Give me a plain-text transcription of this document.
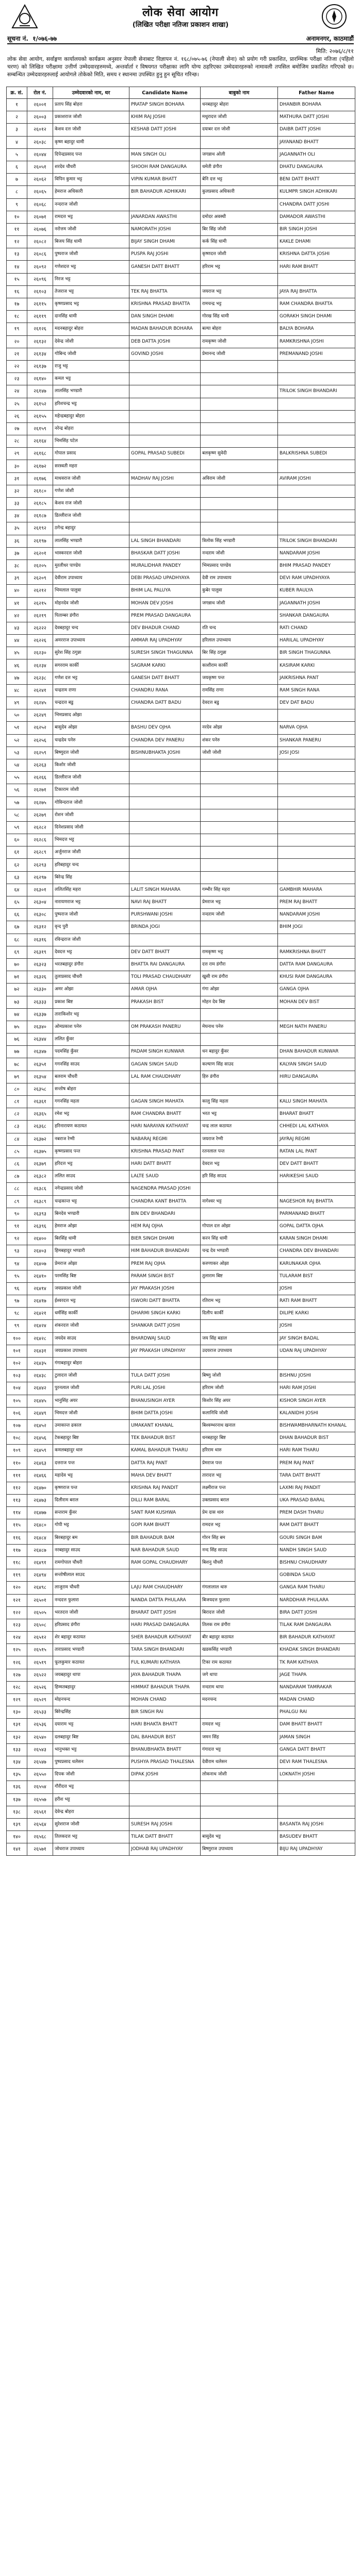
लोक सेवा आयोग
(लिखित परीक्षा नतिजा प्रकाशन शाखा)
सूचना नं. १/०७६-७७	अनामनगर, काठमाडौं
मिति: २०७६/८/११
लोक सेवा आयोग, सर्वाङ्गण कार्यालयको कार्यक्रम अनुसार नेपाली सेनाबाट विज्ञापन नं. १६८/०७५-७६ (नेपाली सेना) को प्रयोग गरी प्रकाशित, प्रारम्भिक परीक्षा नतिजा (पहिलो चरण) को लिखित परीक्षामा उत्तीर्ण उम्मेदवारहरुमध्ये, अन्तर्वार्ता र विषयगत परीक्षाका लागि योग्य ठहरिएका उम्मेदवारहरुको नामावली तपसिल बमोजिम प्रकाशित गरिएको छ। सम्बन्धित उम्मेदवारहरुलाई आयोगले तोकेको मिति, समय र स्थानमा उपस्थित हुनु हुन सूचित गरिन्छ।
क्र. सं.	रोल नं.	उम्मेदवारको नाम, थर	Candidate Name	बाबुको नाम	Father Name
१	२६००१	प्रताप सिंह बोहरा	PRATAP SINGH BOHARA	धनबहादुर बोहरा	DHANBIR BOHARA
२	२६००३	प्रकाशराज जोशी	KHIM RAJ JOSHI	मथुरादत्त जोशी	MATHURA DATT JOSHI
३	२६०१२	केशव दत्त जोशी	KESHAB DATT JOSHI	दयाबर दत्त जोशी	DAIBR DATT JOSHI
४	२६०३८	कृष्ण बहादुर धामी			JAYANAND BHATT
५	२६०४४	दिपेन्द्रप्रसाद पन्त	MAN SINGH OLI	जगन्नाथ ओली	JAGANNATH OLI
६	२६०५१	शरदेव चौधरी	SHOOH RAM DANGAURA	धमेती डंगौरा	DHATU DANGAURA
७	२६०६२	विपिन कुमार भट्ट	VIPIN KUMAR BHATT	बेनि दत्त भट्ट	BENI DATT BHATT
८	२६०६५	हेमराज अधिकारी	BIR BAHADUR ADHIKARI	कुलप्रसाद अधिकारी	KULMPR SINGH ADHIKARI
९	२६०६८	नन्दराज जोशी			CHANDRA DATT JOSHI
१०	२६०७१	रामदत्त भट्ट	JANARDAN AWASTHI	दमोदर अवस्थी	DAMADOR AWASTHI
११	२६०७६	नरोत्तम जोशी	NAMORATH JOSHI	बिर सिंह जोशी	BIR SINGH JOSHI
१२	२६०८२	बिजय सिंह धामी	BIJAY SINGH DHAMI	कर्क सिंह धामी	KAKLE DHAMI
१३	२६०८६	पुष्पराज जोशी	PUSPA RAJ JOSHI	कृष्णदत्त जोशी	KRISHNA DATTA JOSHI
१४	२६०९२	गणेशदत्त भट्ट	GANESH DATT BHATT	हरिराम भट्ट	HARI RAM BHATT
१५	२६०९६	निरज भट्ट			
१६	२६१०३	तेजराज भट्ट	TEK RAJ BHATTA	जयराज भट्ट	JAYA RAJ BHATTA
१७	२६११५	कृष्णप्रसाद भट्ट	KRISHNA PRASAD BHATTA	रामचन्द्र भट्ट	RAM CHANDRA BHATTA
१८	२६११९	दानसिंह धामी	DAN SINGH DHAMI	गोरख सिंह धामी	GORAKH SINGH DHAMI
१९	२६१२६	मदनबहादुर बोहरा	MADAN BAHADUR BOHARA	बल्या बोहरा	BALYA BOHARA
२०	२६१३२	देवेन्द्र जोशी	DEB DATTA JOSHI	रामकृष्ण जोशी	RAMKRISHNA JOSHI
२१	२६१३४	गोबिन्द जोशी	GOVIND JOSHI	प्रेमानन्द जोशी	PREMANAND JOSHI
२२	२६१३७	राजु भट्ट			
२३	२६१४०	कमल भट्ट			
२४	२६१४७	लालसिंह भण्डारी			TRILOK SINGH BHANDARI
२५	२६१५२	हरिशचन्द्र भट्ट			
२६	२६१५५	महेन्द्रबहादुर बोहरा			
२७	२६१५९	नरेन्द्र बोहरा			
२८	२६१६४	भिमसिंह पटेल			
२९	२६१६८	गोपाल प्रसाद	GOPAL PRASAD SUBEDI	बलकृष्ण सुवेदी	BALKRISHNA SUBEDI
३०	२६१७२	सरस्वती महरा			
३१	२६१७६	माधवराज जोशी	MADHAV RAJ JOSHI	अविराम जोशी	AVIRAM JOSHI
३२	२६१८०	गणेश जोशी			
३३	२६१८५	केशव राज जोशी			
३४	२६१८७	डिल्लीराज जोशी			
३५	२६१९२	ठगेन्द्र बहादुर			
३६	२६१९७	लालसिंह भण्डारी	LAL SINGH BHANDARI	त्रिलोक सिंह भण्डारी	TRILOK SINGH BHANDARI
३७	२६२०१	भास्करदत्त जोशी	BHASKAR DATT JOSHI	नन्दराम जोशी	NANDARAM JOSHI
३८	२६२०५	मुरलीधर पाण्डेय	MURALIDHAR PANDEY	भिमप्रसाद पाण्डेय	BHIM PRASAD PANDEY
३९	२६२०९	देवीराम उपाध्याय	DEBI PRASAD UPADHYAYA	देवी राम उपाध्याय	DEVI RAM UPADHYAYA
४०	२६२१२	भिमलाल पालुवा	BHIM LAL PALUYA	कुबेर पालुवा	KUBER RAULYA
४१	२६२१५	मोहनदेव जोशी	MOHAN DEV JOSHI	जगन्नाथ जोशी	JAGANNATH JOSHI
४२	२६२१९	पिताम्बर डंगौरा	PREM PRASAD DANGAURA		SHANKAR DANGAURA
४३	२६२२२	देवबहादुर चन्द	DEV BHADUR CHAND	रति चन्द	RATI CHAND
४४	२६२२६	अमरराज उपाध्याय	AMMAR RAJ UPADHYAY	हरिलाल उपाध्याय	HARILAL UPADHYAY
४५	२६२३०	सुरेश सिंह ठगुन्ना	SURESH SINGH THAGUNNA	बिर सिंह ठगुन्ना	BIR SINGH THAGUNNA
४६	२६२३४	सगरराम कार्की	SAGRAM KARKI	काशीराम कार्की	KASIRAM KARKI
४७	२६२३८	गणेश दत्त भट्ट	GANESH DATT BHATT	जयकृष्ण पन्त	JAIKRISHNA PANT
४८	२६२४१	चन्द्रराम राणा	CHANDRU RANA	रामसिंह राणा	RAM SINGH RANA
४९	२६२४५	चन्द्रदत्त बडु	CHANDRA DATT BADU	देवदत्त बडु	DEV DAT BADU
५०	२६२४९	भिमप्रसाद ओझा			
५१	२६२५२	बासुदेव ओझा	BASHU DEV OJHA	नरदेव ओझा	NARVA OJHA
५२	२६२५६	चन्द्रदेव पनेरु	CHANDRA DEV PANERU	शंकर पनेरु	SHANKAR PANERU
५३	२६२५९	बिष्णुदत्त जोशी	BISHNUBHAKTA JOSHI	जोशी जोशी	JOSI JOSI
५४	२६२६३	किशोर जोशी			
५५	२६२६६	डिल्लीराज जोशी			
५६	२६२७१	टिकाराम जोशी			
५७	२६२७५	गोविन्दराज जोशी			
५८	२६२७९	रोशन जोशी			
५९	२६२८२	दिनेशप्रसाद जोशी			
६०	२६२८६	भिमदत्त भट्ट			
६१	२६२८९	अर्जुनराज जोशी			
६२	२६२९३	हरिबहादुर चन्द			
६३	२६२९७	बिरेन्द्र सिंह			
६४	२६३०१	ललितसिंह महरा	LALIT SINGH MAHARA	गम्भीर सिंह महरा	GAMBHIR MAHARA
६५	२६३०४	नारायणराज भट्ट	NAVI RAJ BHATT	प्रेमराज भट्ट	PREM RAJ BHATT
६६	२६३०८	पुष्पराज जोशी	PURSHWANI JOSHI	नन्दराम जोशी	NANDARAM JOSHI
६७	२६३१२	वृन्द पुरी	BRINDA JOGI		BHIM JOGI
६८	२६३१६	रविन्द्रराज जोशी			
६९	२६३१९	देवदत्त भट्ट	DEV DATT BHATT	रामकृष्ण भट्ट	RAMKRISHNA BHATT
७०	२६३२३	भरतबहादुर डंगौरा	BHATTA RAI DANGAURA	दत्त राम डंगौरा	DATTA RAM DANGAURA
७१	२६३२६	तुलाप्रसाद चौधरी	TOLI PRASAD CHAUDHARY	खुसी राम डंगौरा	KHUSI RAM DANGAURA
७२	२६३३०	अमर ओझा	AMAR OJHA	गंगा ओझा	GANGA OJHA
७३	२६३३३	प्रकाश बिष्ट	PRAKASH BIST	मोहन देव बिष्ट	MOHAN DEV BIST
७४	२६३३७	ताराकिशोर भट्ट			
७५	२६३४०	ओमप्रकाश पनेरु	OM PRAKASH PANERU	मेघनाथ पनेरु	MEGH NATH PANERU
७६	२६३४४	ललित कुँवर			
७७	२६३४७	पदमसिंह कुँवर	PADAM SINGH KUNWAR	धन बहादुर कुँवर	DHAN BAHADUR KUNWAR
७८	२६३५१	गगनसिंह साउद	GAGAN SINGH SAUD	कल्याण सिंह साउद	KALYAN SINGH SAUD
७९	२६३५४	बलराम चौधरी	LAL RAM CHAUDHARY	हिरु डंगौरा	HIRU DANGAURA
८०	२६३५८	सन्तोष बोहरा			
८१	२६३६१	गगनसिंह महता	GAGAN SINGH MAHATA	कालु सिंह महता	KALU SINGH MAHATA
८२	२६३६५	रमेश भट्ट	RAM CHANDRA BHATT	भरत भट्ट	BHARAT BHATT
८३	२६३६८	हरिनारायण कठायत	HARI NARAYAN KATHAYAT	चन्द्र लाल कठायत	CHHEDI LAL KATHAYA
८४	२६३७२	नबराज रेग्मी	NABARAJ REGMI	जयराज रेग्मी	JAYRAJ REGMI
८५	२६३७५	कृष्णप्रसाद पन्त	KRISHNA PRASAD PANT	रतनलाल पन्त	RATAN LAL PANT
८६	२६३७९	हरिदत्त भट्ट	HARI DATT BHATT	देवदत्त भट्ट	DEV DATT BHATT
८७	२६३८२	ललित साउद	LALTE SAUD	हरि सिंह साउद	HARIKESHI SAUD
८८	२६३८६	नगेन्द्रप्रसाद जोशी	NAGENDRA PRASAD JOSHI		
८९	२६३८९	चन्द्रकान्त भट्ट	CHANDRA KANT BHATTA	नागेश्वर भट्ट	NAGESHOR RAJ BHATTA
९०	२६३९३	बिनदेव भण्डारी	BIN DEV BHANDARI		PARMANAND BHATT
९१	२६३९६	हेमराज ओझा	HEM RAJ OJHA	गोपाल दत्त ओझा	GOPAL DATTA OJHA
९२	२६४००	बिरसिंह धामी	BIER SINGH DHAMI	करन सिंह धामी	KARAN SINGH DHAMI
९३	२६४०३	हिमबहादुर भण्डारी	HIM BAHADUR BHANDARI	चन्द्र देव भण्डारी	CHANDRA DEV BHANDARI
९४	२६४०७	प्रेमराज ओझा	PREM RAJ OJHA	करुणाकर ओझा	KARUNAKAR OJHA
९५	२६४१०	परमसिंह बिष्ट	PARAM SINGH BIST	तुलाराम बिष्ट	TULARAM BIST
९६	२६४१४	जयप्रकाश जोशी	JAY PRAKASH JOSHI		JOSHI
९७	२६४१७	ईश्वरदत्त भट्ट	ISWORI DATT BHATTA	रतिराम भट्ट	RATI RAM BHATT
९८	२६४२१	धर्मसिंह कार्की	DHARMI SINGH KARKI	दिलीप कार्की	DILIPE KARKI
९९	२६४२४	शंकरदत्त जोशी	SHANKAR DATT JOSHI		JOSHI
१००	२६४२८	जयदेव साउद	BHARDWAJ SAUD	जय सिंह बडाल	JAY SINGH BADAL
१०१	२६४३१	जयप्रकाश उपाध्याय	JAY PRAKASH UPADHYAY	उदयराज उपाध्याय	UDAN RAJ UPADHYAY
१०२	२६४३५	गंगाबहादुर बोहरा			
१०३	२६४३८	टुलादत्त जोशी	TULA DATT JOSHI	बिष्णु जोशी	BISHNU JOSHI
१०४	२६४४२	पुरनलाल जोशी	PURI LAL JOSHI	हरिराम जोशी	HARI RAM JOSHI
१०५	२६४४५	भानुसिंह अयर	BHANUSINGH AYER	किशोर सिंह अयर	KISHOR SINGH AYER
१०६	२६४४९	भिमदत्त जोशी	BHIM DATTA JOSHI	कलानिधि जोशी	KALANIDHI JOSHI
१०७	२६४५२	उमाकान्त ढकाल	UMAKANT KHANAL	बिश्वम्भरनाथ खनाल	BISHWAMBHARNATH KHANAL
१०८	२६४५६	टेकबहादुर बिष्ट	TEK BAHADUR BIST	धनबहादुर बिष्ट	DHAN BAHADUR BIST
१०९	२६४५९	कमलबहादुर थारु	KAMAL BAHADUR THARU	हरिराम थारु	HARI RAM THARU
११०	२६४६३	दत्तराज पन्त	DATTA RAJ PANT	प्रेमराज पन्त	PREM RAJ PANT
१११	२६४६६	महादेव भट्ट	MAHA DEV BHATT	तारादत्त भट्ट	TARA DATT BHATT
११२	२६४७०	कृष्णराज पन्त	KRISHNA RAJ PANDIT	लक्ष्मीराज पन्त	LAXMI RAJ PANDIT
११३	२६४७३	दिलीराम बराल	DILLI RAM BARAL	उक्तप्रसाद बराल	UKA PRASAD BARAL
११४	२६४७७	सन्तराम कुँवर	SANT RAM KUSHWA	प्रेम दास थारु	PREM DASH THARU
११५	२६४८०	गोपी भट्ट	GOPI RAM BHATT	रामदत्त भट्ट	RAM DATT BHATT
११६	२६४८४	बिरबहादुर बम	BIR BAHADUR BAM	गोरन सिंह बम	GOURI SINGH BAM
११७	२६४८७	नरबहादुर साउद	NAR BAHADUR SAUD	नन्द सिंह साउद	NANDH SINGH SAUD
११८	२६४९१	रामगोपाल चौधरी	RAM GOPAL CHAUDHARY	बिशनु चौधरी	BISHNU CHAUDHARY
११९	२६४९४	सन्तोषीलाल साउद			GOBINDA SAUD
१२०	२६४९८	लाजुराम चौधरी	LAJU RAM CHAUDHARY	गंगलालाल थारु	GANGA RAM THARU
१२१	२६५०१	नन्ददत्त फुलारा	NANDA DATTA PHULARA	बिजयदत्त फुलारा	NARDDHAR PHULARA
१२२	२६५०५	भरतदत्त जोशी	BHARAT DATT JOSHI	बिरादत्त जोशी	BIRA DATT JOSHI
१२३	२६५०८	हरिप्रसाद डंगौरा	HARI PRASAD DANGAURA	तिलक राम डंगौरा	TILAK RAM DANGAURA
१२४	२६५१२	शेर बहादुर कठायत	SHER BAHADUR KATHAYAT	बीर बहादुर कठायत	BIR BAHADUR KATHAYAT
१२५	२६५१५	ताराप्रसाद भण्डारी	TARA SINGH BHANDARI	खडकसिंह भण्डारी	KHADAK SINGH BHANDARI
१२६	२६५१९	फूलकुमार कठायत	FUL KUMARI KATHAYA	टिका राम कठायत	TK RAM KATHAYA
१२७	२६५२२	जयबहादुर थापा	JAYA BAHADUR THAPA	जगे थापा	JAGE THAPA
१२८	२६५२६	हिम्मतबहादुर	HIMMAT BAHADUR THAPA	नन्दराम थापा	NANDARAM TAMRAKAR
१२९	२६५२९	मोहनचन्द	MOHAN CHAND	मदनचन्द	MADAN CHAND
१३०	२६५३३	बिरेन्द्रसिंह	BIR SINGH RAI		PHALGU RAI
१३१	२६५३६	दयाराम भट्ट	HARI BHAKTA BHATT	रामदत्त भट्ट	DAM BHATT BHATT
१३२	२६५४०	दलबहादुर बिष्ट	DAL BAHADUR BIST	जमन सिंह	JAMAN SINGH
१३३	२६५४३	भानुभक्त भट्ट	BHANUBHAKTA BHATT	गंगादत्त भट्ट	GANGA DATT BHATT
१३४	२६५४७	पुष्पप्रसाद थलेसन	PUSHYA PRASAD THALESNA	देवीराम थलेसन	DEVI RAM THALESNA
१३५	२६५५०	दिपक जोशी	DIPAK JOSHI	लोकनाथ जोशी	LOKNATH JOSHI
१३६	२६५५४	गौरीदत्त भट्ट			
१३७	२६५५७	हरीश भट्ट			
१३८	२६५६१	देवेन्द्र बोहरा			
१३९	२६५६४	सुरेशराज जोशी	SURESH RAJ JOSHI		BASANTA RAJ JOSHI
१४०	२६५६८	तिलकदत्त भट्ट	TILAK DATT BHATT	बासुदेव भट्ट	BASUDEV BHATT
१४१	२६५७१	जोधराज उपाध्याय	JODHAB RAJ UPADHYAY	बिष्णुराज उपाध्याय	BIJU RAJ UPADHYAY
